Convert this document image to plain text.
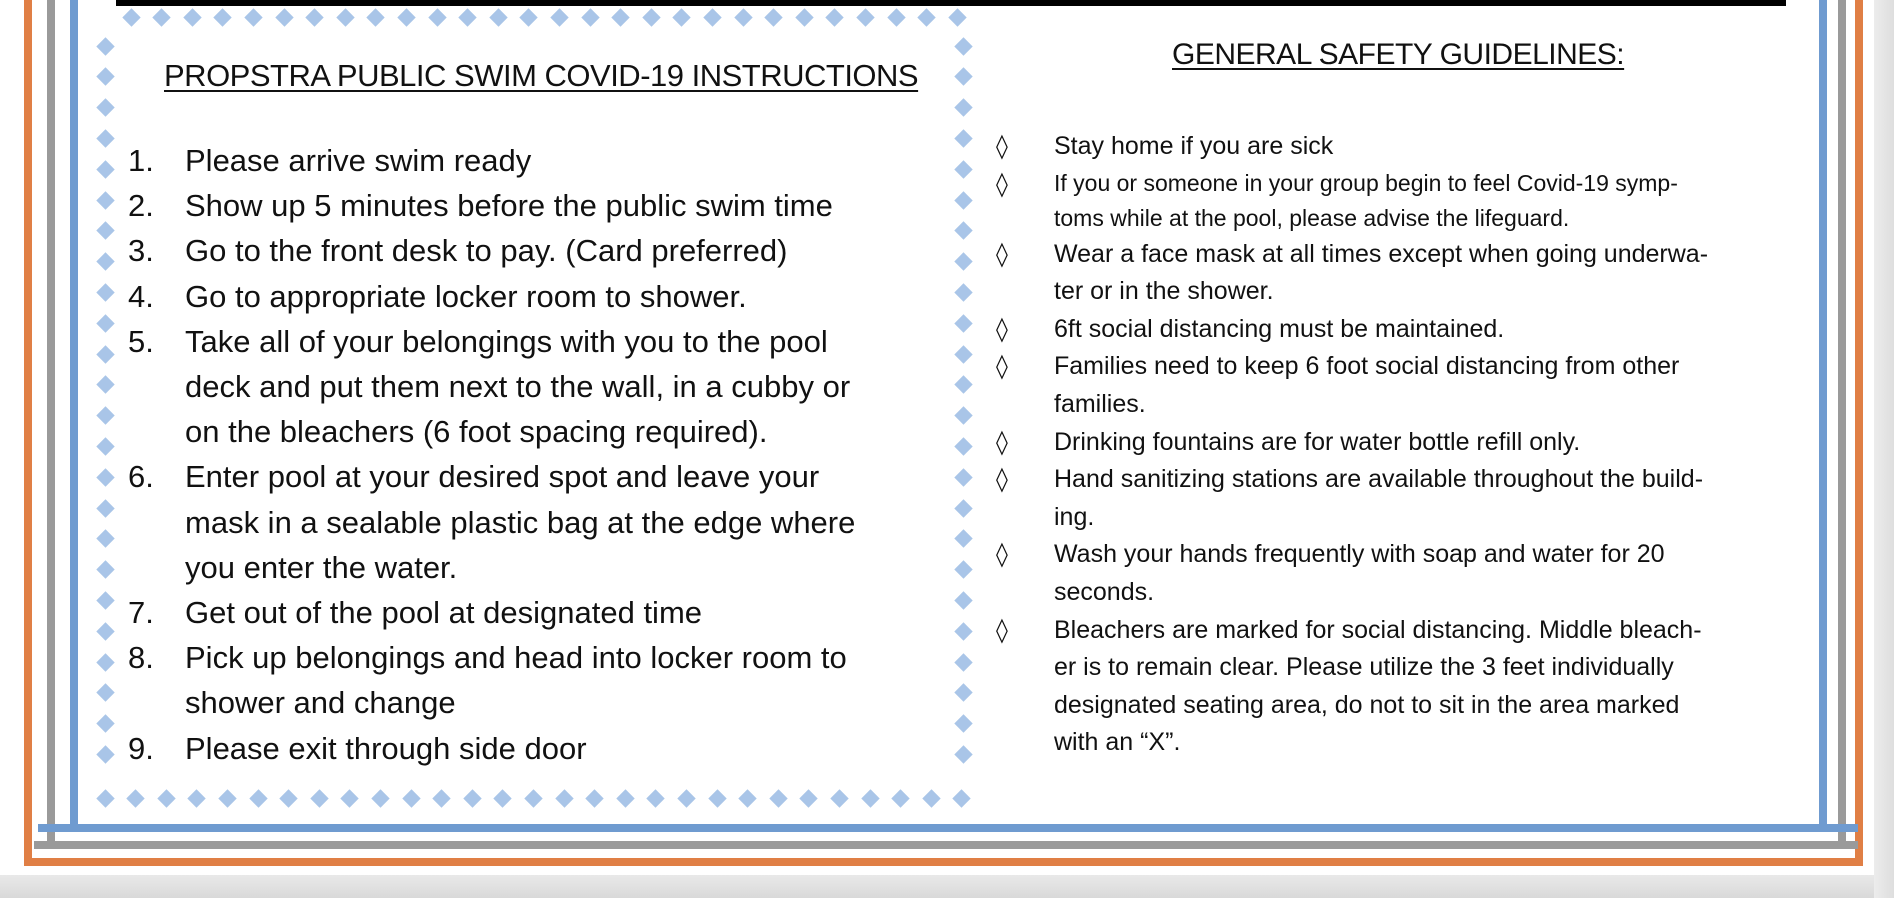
PROPSTRA PUBLIC SWIM COVID-19 INSTRUCTIONS
1.	Please arrive swim ready
2.	Show up 5 minutes before the public swim time
3.	Go to the front desk to pay. (Card preferred)
4.	Go to appropriate locker room to shower.
5.	Take all of your belongings with you to the pool
deck and put them next to the wall, in a cubby or
on the bleachers (6 foot spacing required).
6.	Enter pool at your desired spot and leave your
mask in a sealable plastic bag at the edge where
you enter the water.
7.	Get out of the pool at designated time
8.	Pick up belongings and head into locker room to
shower and change
9.	Please exit through side door
GENERAL SAFETY GUIDELINES:
◊	Stay home if you are sick
◊	If you or someone in your group begin to feel Covid-19 symp-
toms while at the pool, please advise the lifeguard.
◊	Wear a face mask at all times except when going underwa-
ter or in the shower.
◊	6ft social distancing must be maintained.
◊	Families need to keep 6 foot social distancing from other
families.
◊	Drinking fountains are for water bottle refill only.
◊	Hand sanitizing stations are available throughout the build-
ing.
◊	Wash your hands frequently with soap and water for 20
seconds.
◊	Bleachers are marked for social distancing. Middle bleach-
er is to remain clear. Please utilize the 3 feet individually
designated seating area, do not to sit in the area marked
with an “X”.
